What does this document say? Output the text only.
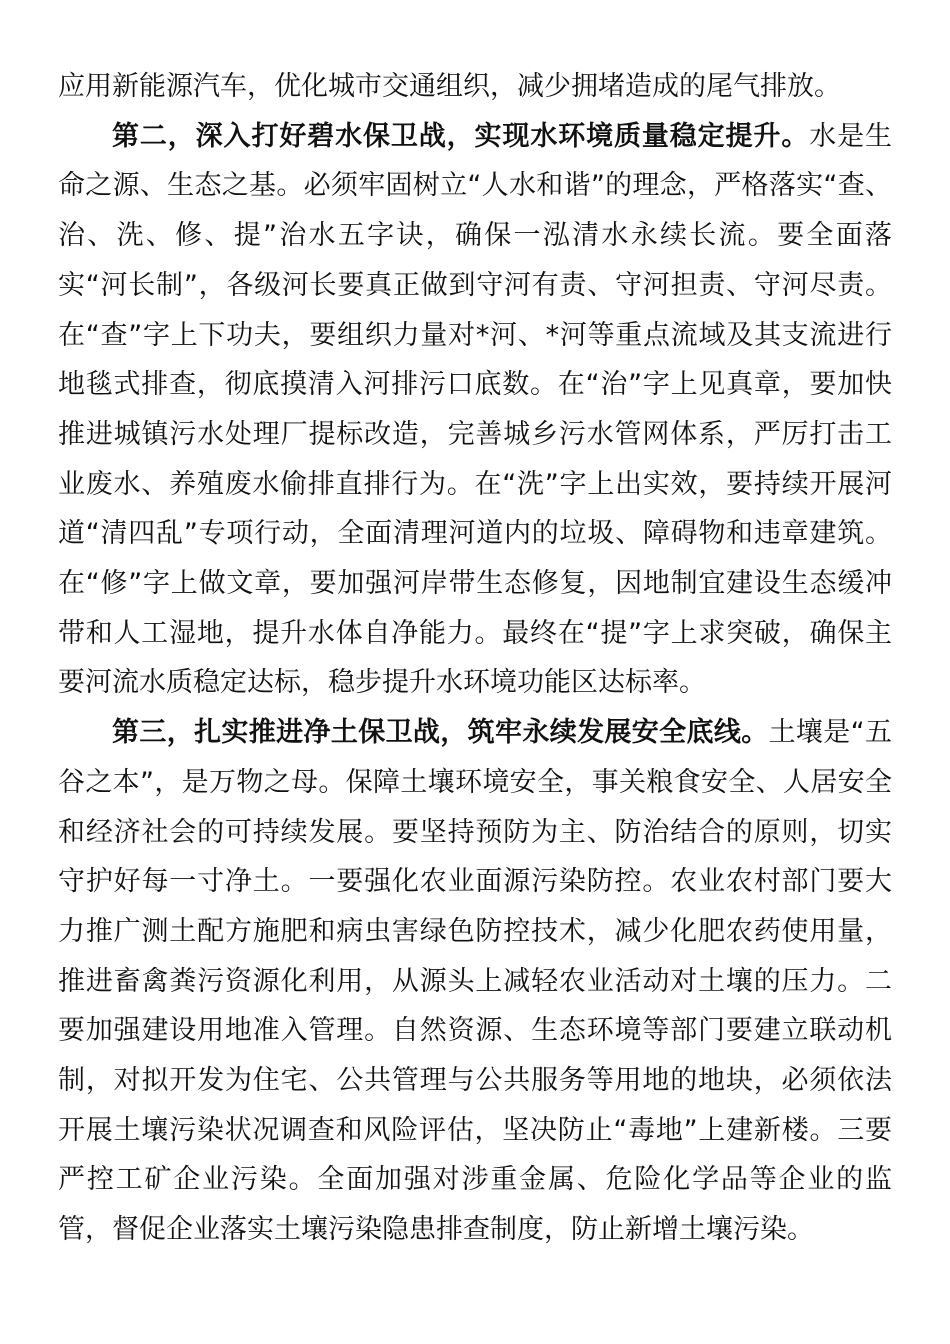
应用新能源汽车，优化城市交通组织，减少拥堵造成的尾气排放。

第二，深入打好碧水保卫战，实现水环境质量稳定提升。水是生命之源、生态之基。必须牢固树立“人水和谐”的理念，严格落实“查、治、洗、修、提”治水五字诀，确保一泓清水永续长流。要全面落实“河长制”，各级河长要真正做到守河有责、守河担责、守河尽责。在“查”字上下功夫，要组织力量对*河、*河等重点流域及其支流进行地毯式排查，彻底摸清入河排污口底数。在“治”字上见真章，要加快推进城镇污水处理厂提标改造，完善城乡污水管网体系，严厉打击工业废水、养殖废水偷排直排行为。在“洗”字上出实效，要持续开展河道“清四乱”专项行动，全面清理河道内的垃圾、障碍物和违章建筑。在“修”字上做文章，要加强河岸带生态修复，因地制宜建设生态缓冲带和人工湿地，提升水体自净能力。最终在“提”字上求突破，确保主要河流水质稳定达标，稳步提升水环境功能区达标率。

第三，扎实推进净土保卫战，筑牢永续发展安全底线。土壤是“五谷之本”，是万物之母。保障土壤环境安全，事关粮食安全、人居安全和经济社会的可持续发展。要坚持预防为主、防治结合的原则，切实守护好每一寸净土。一要强化农业面源污染防控。农业农村部门要大力推广测土配方施肥和病虫害绿色防控技术，减少化肥农药使用量，推进畜禽粪污资源化利用，从源头上减轻农业活动对土壤的压力。二要加强建设用地准入管理。自然资源、生态环境等部门要建立联动机制，对拟开发为住宅、公共管理与公共服务等用地的地块，必须依法开展土壤污染状况调查和风险评估，坚决防止“毒地”上建新楼。三要严控工矿企业污染。全面加强对涉重金属、危险化学品等企业的监管，督促企业落实土壤污染隐患排查制度，防止新增土壤污染。
